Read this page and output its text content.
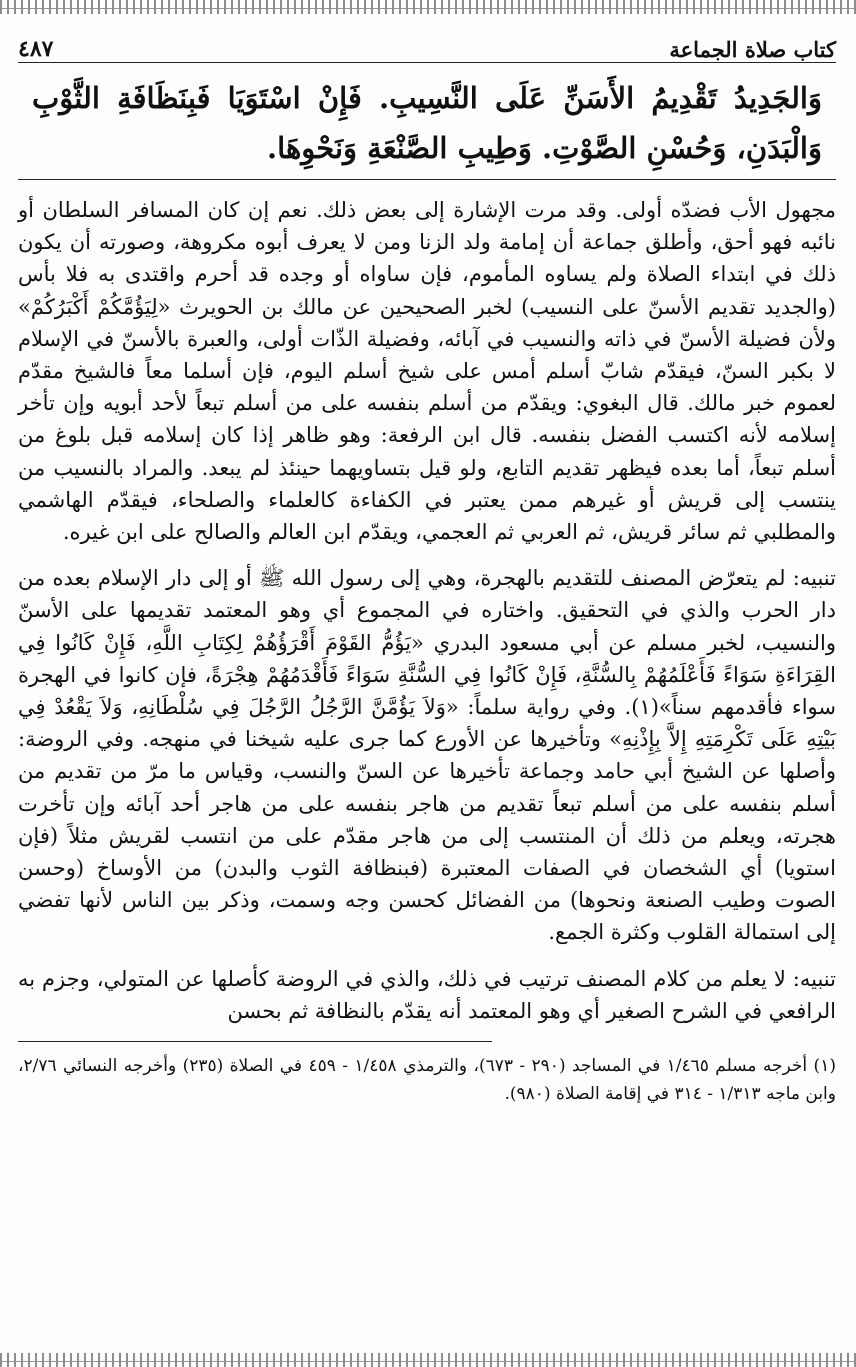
كتاب صلاة الجماعة
٤٨٧
وَالجَدِيدُ تَقْدِيمُ الأَسَنِّ عَلَى النَّسِيبِ. فَإِنْ اسْتَوَيَا فَبِنَظَافَةِ الثَّوْبِ وَالْبَدَنِ، وَحُسْنِ الصَّوْتِ. وَطِيبِ الصَّنْعَةِ وَنَحْوِهَا.

مجهول الأب فضدّه أولى. وقد مرت الإشارة إلى بعض ذلك. نعم إن كان المسافر السلطان أو نائبه فهو أحق، وأطلق جماعة أن إمامة ولد الزنا ومن لا يعرف أبوه مكروهة، وصورته أن يكون ذلك في ابتداء الصلاة ولم يساوه المأموم، فإن ساواه أو وجده قد أحرم واقتدى به فلا بأس (والجديد تقديم الأسنّ على النسيب) لخبر الصحيحين عن مالك بن الحويرث «لِيَؤُمَّكُمْ أَكْبَرُكُمْ» ولأن فضيلة الأسنّ في ذاته والنسيب في آبائه، وفضيلة الذّات أولى، والعبرة بالأسنّ في الإسلام لا بكبر السنّ، فيقدّم شابّ أسلم أمس على شيخ أسلم اليوم، فإن أسلما معاً فالشيخ مقدّم لعموم خبر مالك. قال البغوي: ويقدّم من أسلم بنفسه على من أسلم تبعاً لأحد أبويه وإن تأخر إسلامه لأنه اكتسب الفضل بنفسه. قال ابن الرفعة: وهو ظاهر إذا كان إسلامه قبل بلوغ من أسلم تبعاً، أما بعده فيظهر تقديم التابع، ولو قيل بتساويهما حينئذ لم يبعد. والمراد بالنسيب من ينتسب إلى قريش أو غيرهم ممن يعتبر في الكفاءة كالعلماء والصلحاء، فيقدّم الهاشمي والمطلبي ثم سائر قريش، ثم العربي ثم العجمي، ويقدّم ابن العالم والصالح على ابن غيره.

تنبيه: لم يتعرّض المصنف للتقديم بالهجرة، وهي إلى رسول الله ﷺ أو إلى دار الإسلام بعده من دار الحرب والذي في التحقيق. واختاره في المجموع أي وهو المعتمد تقديمها على الأسنّ والنسيب، لخبر مسلم عن أبي مسعود البدري «يَؤُمُّ القَوْمَ أَقْرَؤُهُمْ لِكِتَابِ اللَّهِ، فَإِنْ كَانُوا فِي القِرَاءَةِ سَوَاءً فَأَعْلَمُهُمْ بِالسُّنَّةِ، فَإِنْ كَانُوا فِي السُّنَّةِ سَوَاءً فَأَقْدَمُهُمْ هِجْرَةً، فإن كانوا في الهجرة سواء فأقدمهم سناً»(١). وفي رواية سلماً: «وَلاَ يَؤُمَّنَّ الرَّجُلُ الرَّجُلَ فِي سُلْطَانِهِ، وَلاَ يَقْعُدْ فِي بَيْتِهِ عَلَى تَكْرِمَتِهِ إِلاَّ بِإِذْنِهِ» وتأخيرها عن الأورع كما جرى عليه شيخنا في منهجه. وفي الروضة: وأصلها عن الشيخ أبي حامد وجماعة تأخيرها عن السنّ والنسب، وقياس ما مرّ من تقديم من أسلم بنفسه على من أسلم تبعاً تقديم من هاجر بنفسه على من هاجر أحد آبائه وإن تأخرت هجرته، ويعلم من ذلك أن المنتسب إلى من هاجر مقدّم على من انتسب لقريش مثلاً (فإن استويا) أي الشخصان في الصفات المعتبرة (فبنظافة الثوب والبدن) من الأوساخ (وحسن الصوت وطيب الصنعة ونحوها) من الفضائل كحسن وجه وسمت، وذكر بين الناس لأنها تفضي إلى استمالة القلوب وكثرة الجمع.

تنبيه: لا يعلم من كلام المصنف ترتيب في ذلك، والذي في الروضة كأصلها عن المتولي، وجزم به الرافعي في الشرح الصغير أي وهو المعتمد أنه يقدّم بالنظافة ثم بحسن

(١) أخرجه مسلم ١/٤٦٥ في المساجد (٢٩٠ - ٦٧٣)، والترمذي ١/٤٥٨ - ٤٥٩ في الصلاة (٢٣٥) وأخرجه النسائي ٢/٧٦، وابن ماجه ١/٣١٣ - ٣١٤ في إقامة الصلاة (٩٨٠).
